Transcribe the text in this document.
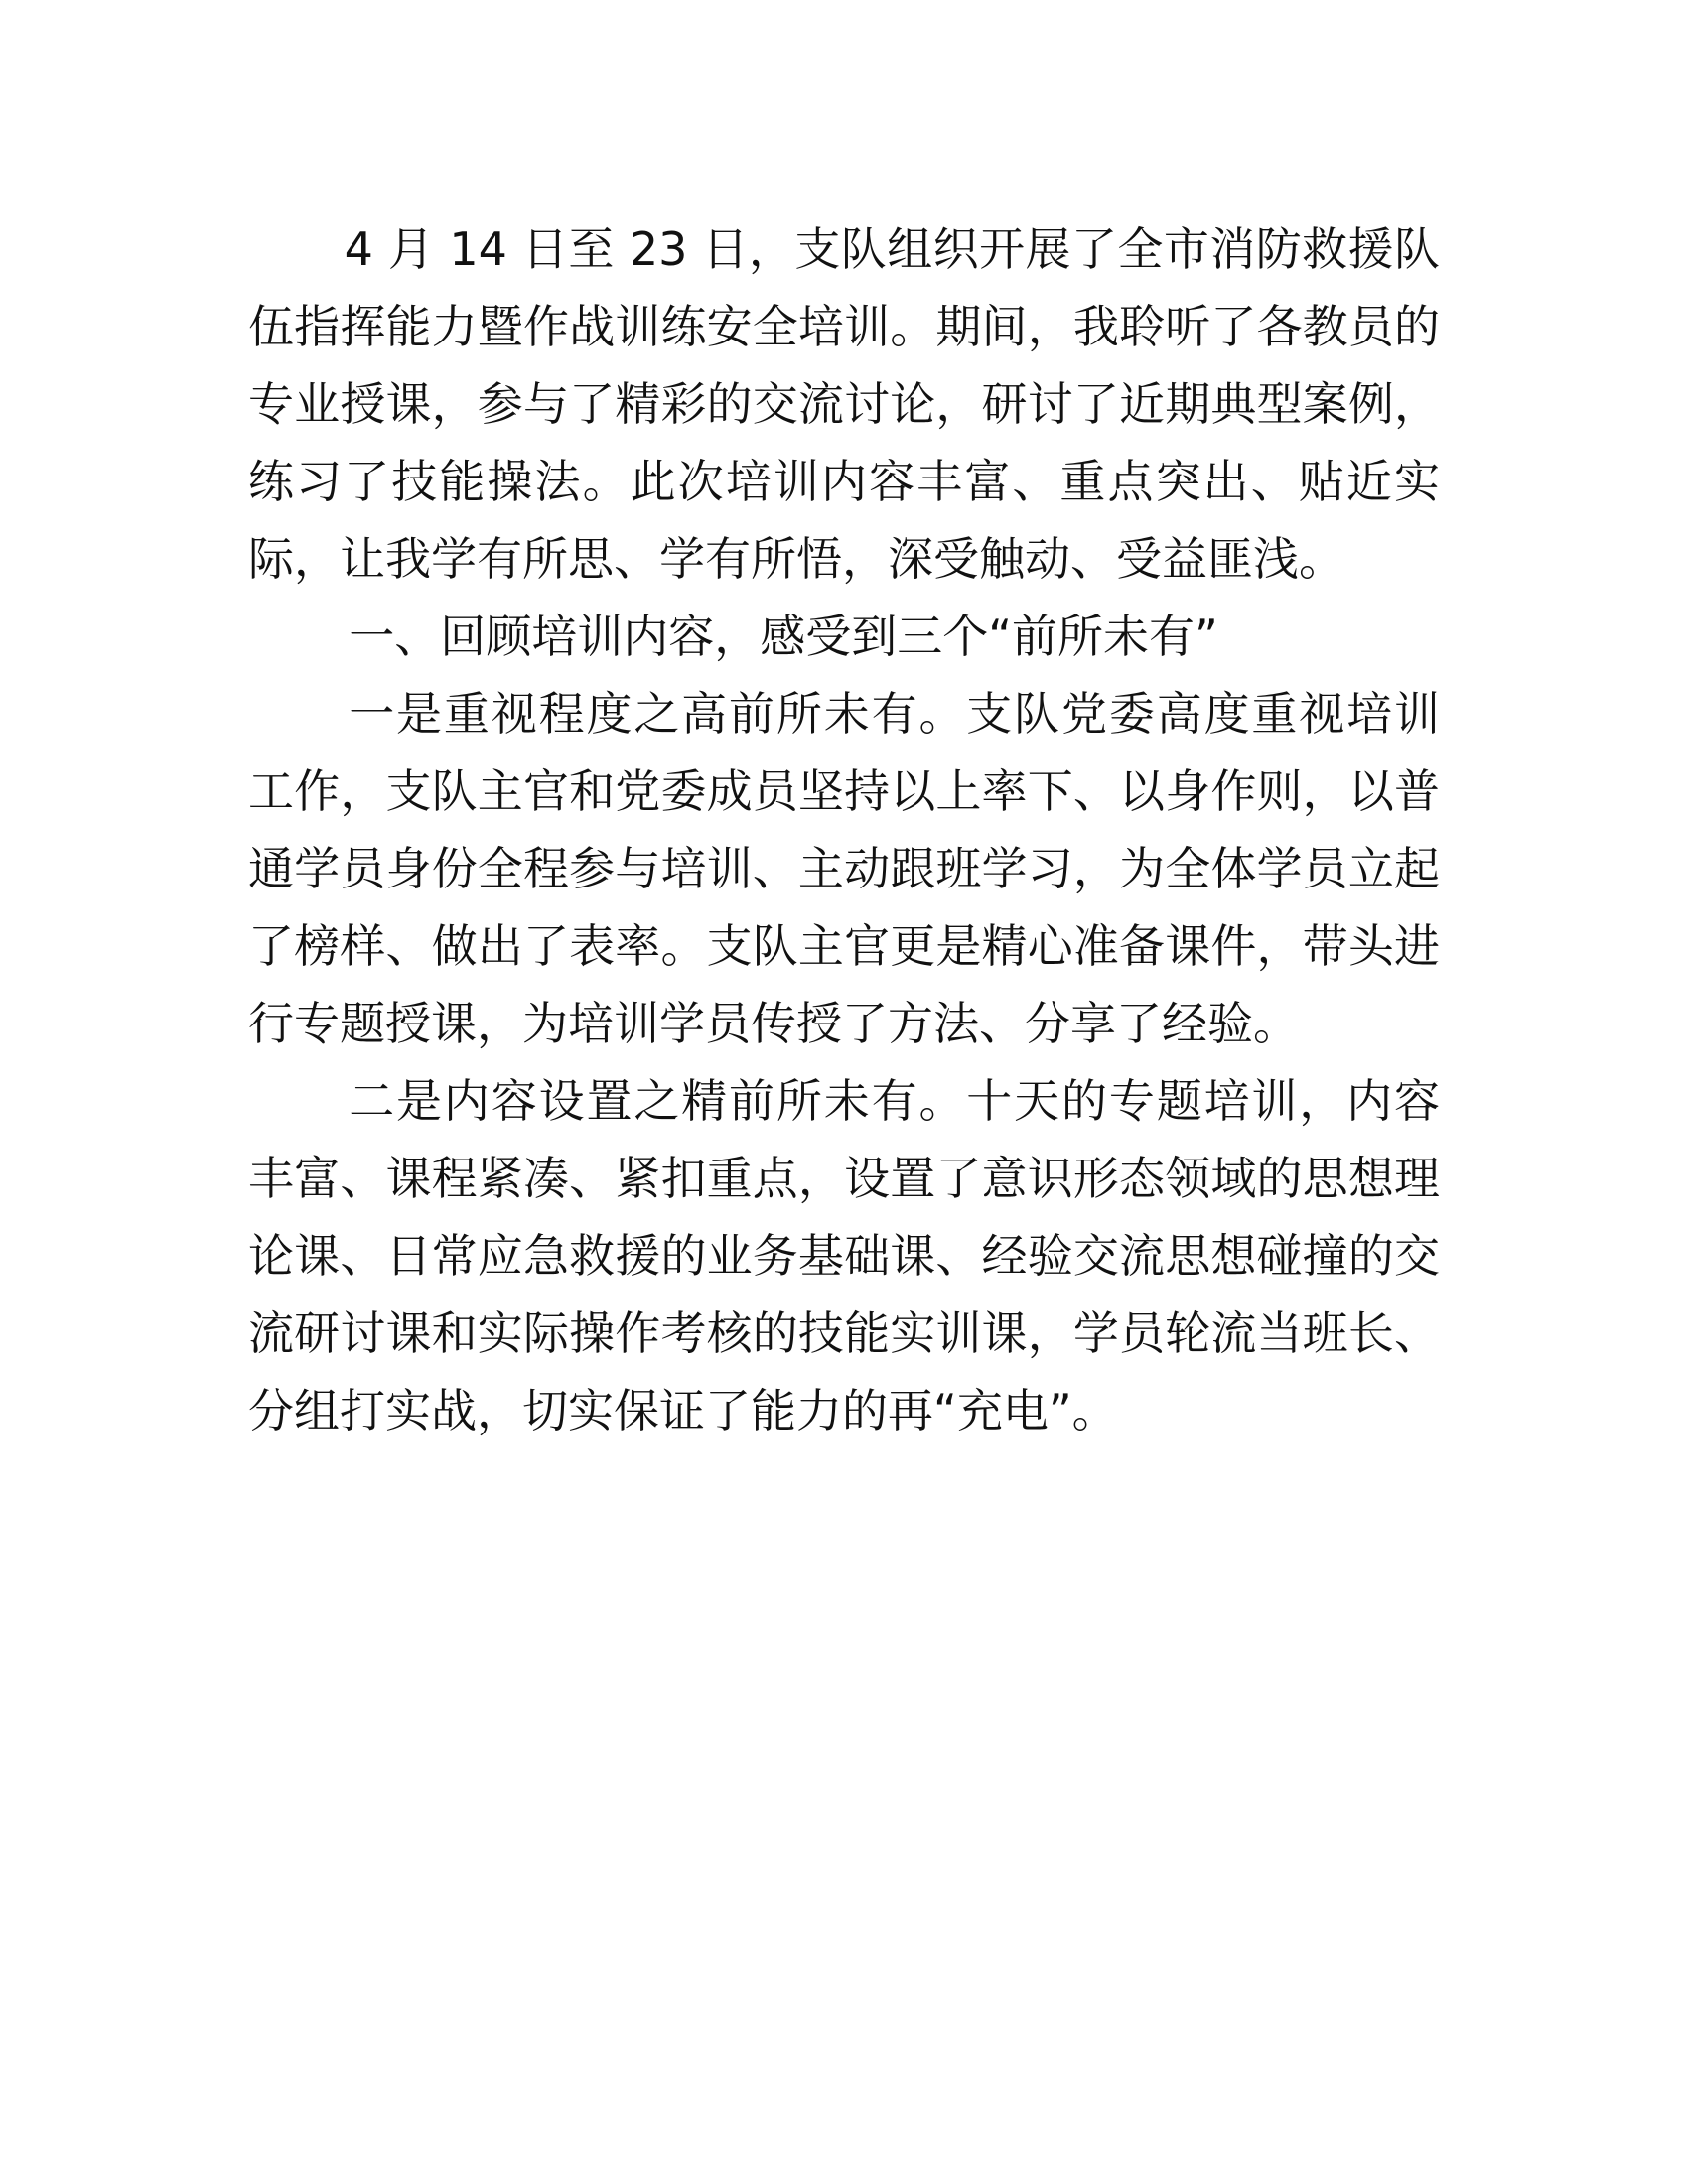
4 月 14 日至 23 日，支队组织开展了全市消防救援队伍指挥能力暨作战训练安全培训。期间，我聆听了各教员的专业授课，参与了精彩的交流讨论，研讨了近期典型案例，练习了技能操法。此次培训内容丰富、重点突出、贴近实际，让我学有所思、学有所悟，深受触动、受益匪浅。

一、回顾培训内容，感受到三个“前所未有”

一是重视程度之高前所未有。支队党委高度重视培训工作，支队主官和党委成员坚持以上率下、以身作则，以普通学员身份全程参与培训、主动跟班学习，为全体学员立起了榜样、做出了表率。支队主官更是精心准备课件，带头进行专题授课，为培训学员传授了方法、分享了经验。

二是内容设置之精前所未有。十天的专题培训，内容丰富、课程紧凑、紧扣重点，设置了意识形态领域的思想理论课、日常应急救援的业务基础课、经验交流思想碰撞的交流研讨课和实际操作考核的技能实训课，学员轮流当班长、分组打实战，切实保证了能力的再“充电”。
